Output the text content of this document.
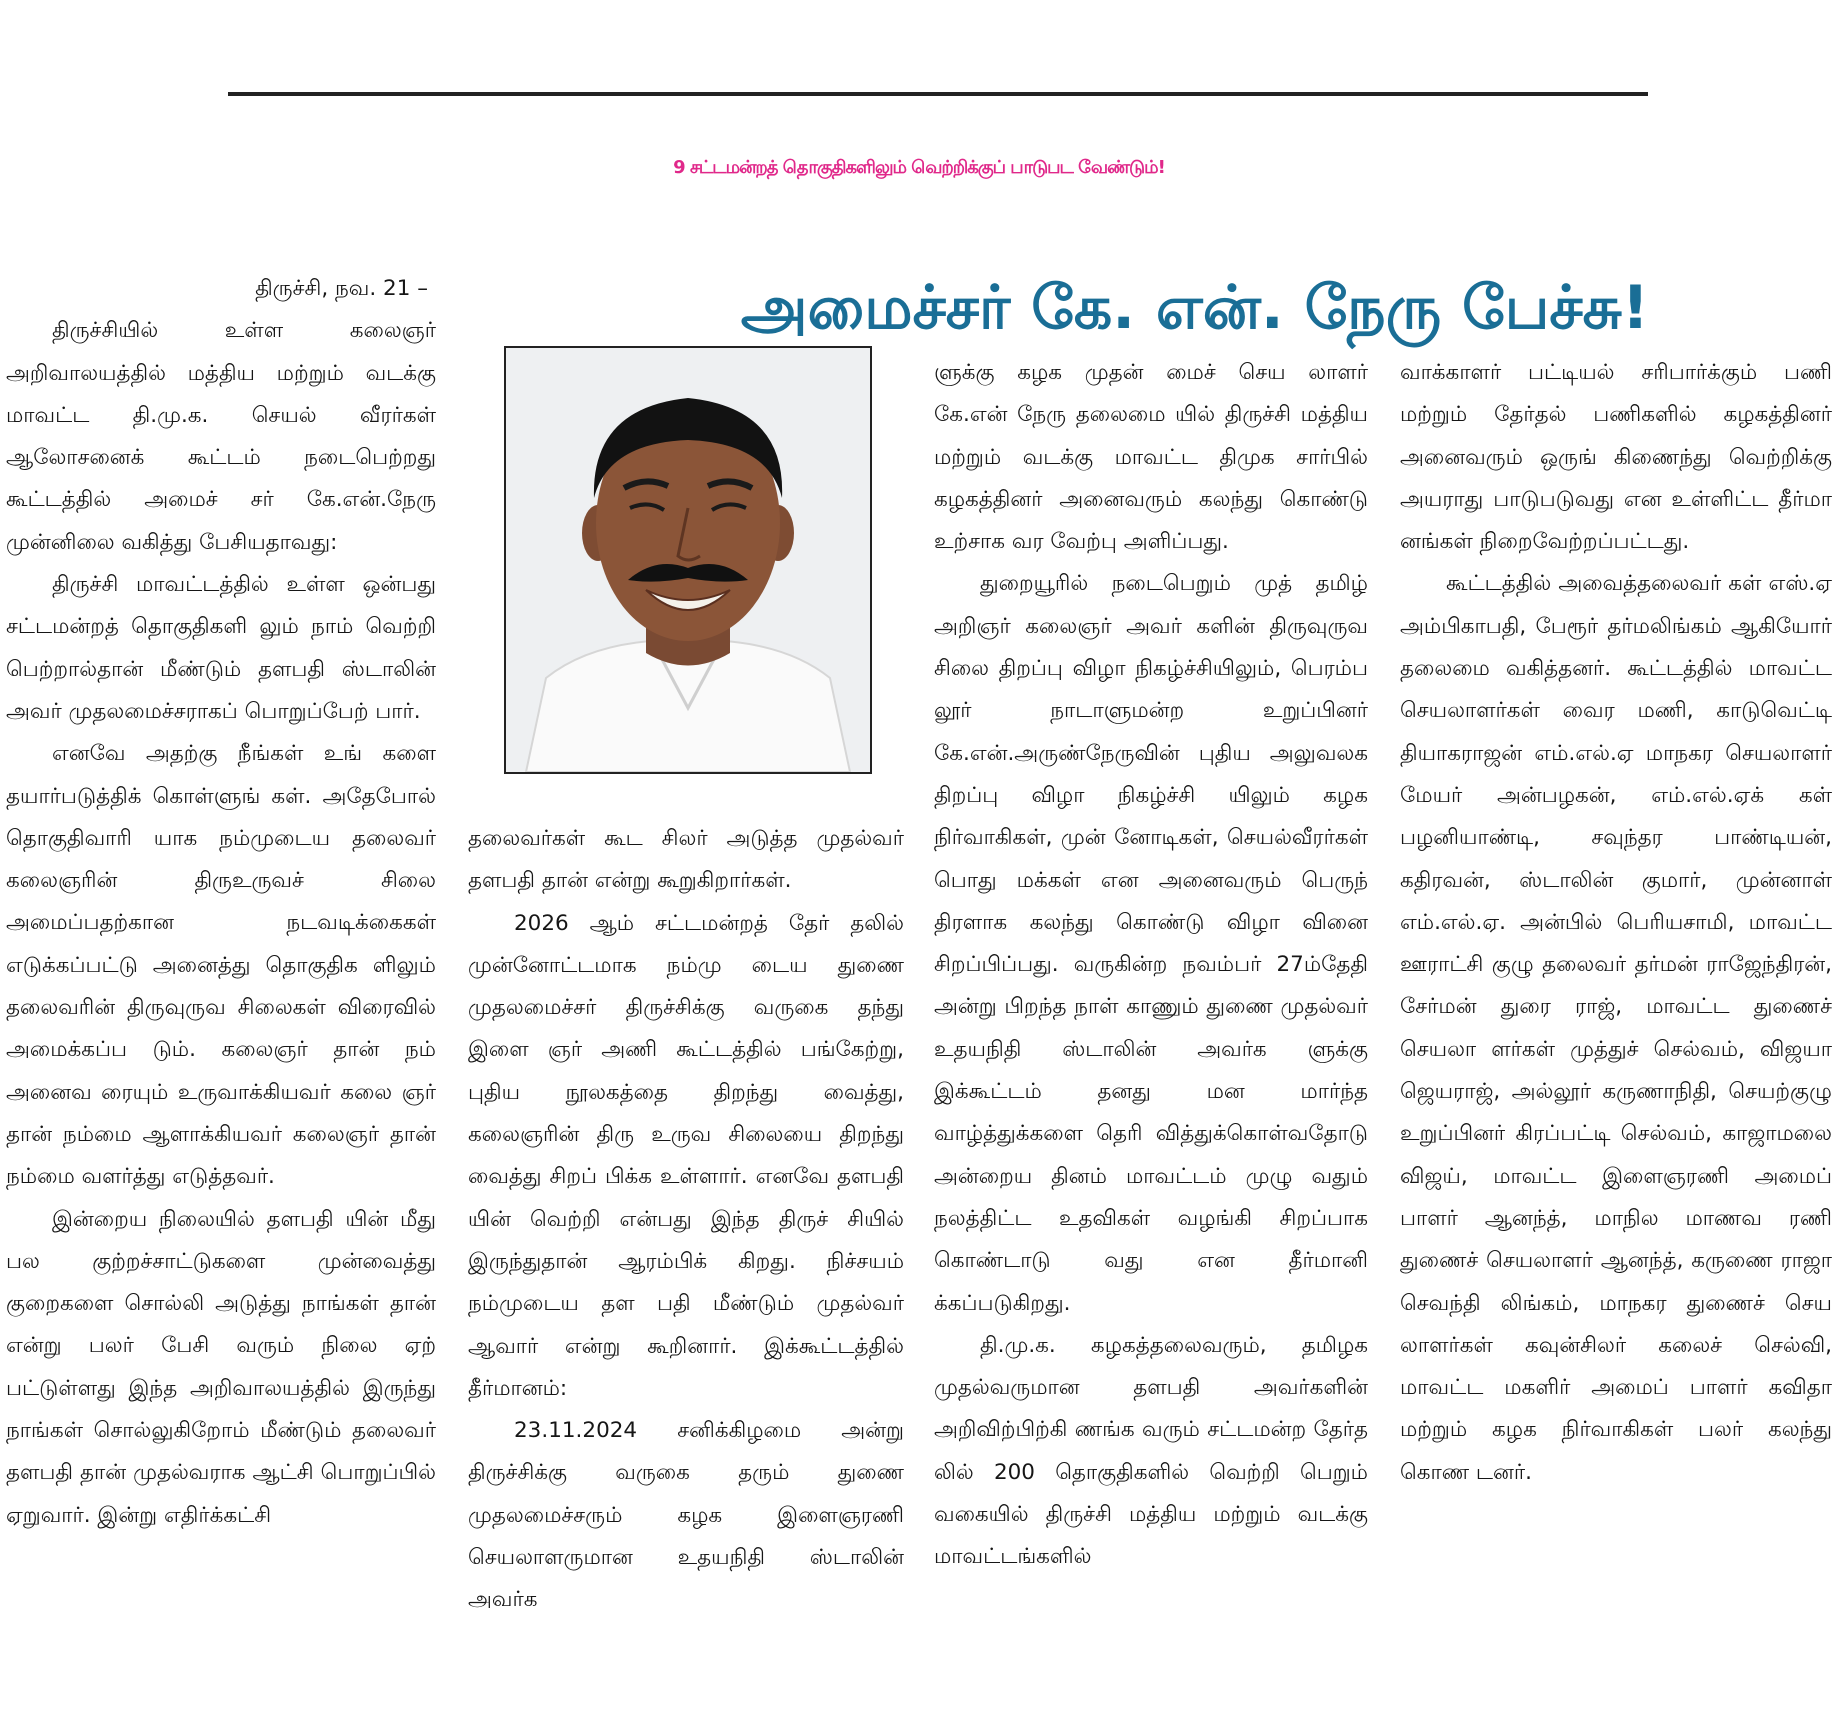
9 சட்டமன்றத் தொகுதிகளிலும் வெற்றிக்குப் பாடுபட வேண்டும்!
அமைச்சர் கே. என். நேரு பேச்சு!

திருச்சி, நவ. 21 –

திருச்சியில் உள்ள கலைஞர் அறிவாலயத்தில் மத்திய மற்றும் வடக்கு மாவட்ட தி.மு.க. செயல் வீரர்கள் ஆலோசனைக் கூட்டம் நடைபெற்றது கூட்டத்தில் அமைச் சர் கே.என்.நேரு முன்னிலை வகித்து பேசியதாவது:

திருச்சி மாவட்டத்தில் உள்ள ஒன்பது சட்டமன்றத் தொகுதிகளி லும் நாம் வெற்றி பெற்றால்தான் மீண்டும் தளபதி ஸ்டாலின் அவர் முதலமைச்சராகப் பொறுப்பேற் பார்.

எனவே அதற்கு நீங்கள் உங் களை தயார்படுத்திக் கொள்ளுங் கள். அதேபோல் தொகுதிவாரி யாக நம்முடைய தலைவர் கலைஞரின் திருஉருவச் சிலை அமைப்பதற்கான நடவடிக்கைகள் எடுக்கப்பட்டு அனைத்து தொகுதிக ளிலும் தலைவரின் திருவுருவ சிலைகள் விரைவில் அமைக்கப்ப டும். கலைஞர் தான் நம் அனைவ ரையும் உருவாக்கியவர் கலை ஞர் தான் நம்மை ஆளாக்கியவர் கலைஞர் தான் நம்மை வளர்த்து எடுத்தவர்.

இன்றைய நிலையில் தளபதி யின் மீது பல குற்றச்சாட்டுகளை முன்வைத்து குறைகளை சொல்லி அடுத்து நாங்கள் தான் என்று பலர் பேசி வரும் நிலை ஏற் பட்டுள்ளது இந்த அறிவாலயத்தில் இருந்து நாங்கள் சொல்லுகிறோம் மீண்டும் தலைவர் தளபதி தான் முதல்வராக ஆட்சி பொறுப்பில் ஏறுவார். இன்று எதிர்க்கட்சி

தலைவர்கள் கூட சிலர் அடுத்த முதல்வர் தளபதி தான் என்று கூறுகிறார்கள்.

2026 ஆம் சட்டமன்றத் தேர் தலில் முன்னோட்டமாக நம்மு டைய துணை முதலமைச்சர் திருச்சிக்கு வருகை தந்து இளை ஞர் அணி கூட்டத்தில் பங்கேற்று, புதிய நூலகத்தை திறந்து வைத்து, கலைஞரின் திரு உருவ சிலையை திறந்து வைத்து சிறப் பிக்க உள்ளார். எனவே தளபதி யின் வெற்றி என்பது இந்த திருச் சியில் இருந்துதான் ஆரம்பிக் கிறது. நிச்சயம் நம்முடைய தள பதி மீண்டும் முதல்வர் ஆவார் என்று கூறினார். இக்கூட்டத்தில் தீர்மானம்:

23.11.2024 சனிக்கிழமை அன்று திருச்சிக்கு வருகை தரும் துணை முதலமைச்சரும் கழக இளைஞரணி செயலாளருமான உதயநிதி ஸ்டாலின் அவர்க

ளுக்கு கழக முதன் மைச் செய லாளர் கே.என் நேரு தலைமை யில் திருச்சி மத்திய மற்றும் வடக்கு மாவட்ட திமுக சார்பில் கழகத்தினர் அனைவரும் கலந்து கொண்டு உற்சாக வர வேற்பு அளிப்பது.

துறையூரில் நடைபெறும் முத் தமிழ் அறிஞர் கலைஞர் அவர் களின் திருவுருவ சிலை திறப்பு விழா நிகழ்ச்சியிலும், பெரம்ப லூர் நாடாளுமன்ற உறுப்பினர் கே.என்.அருண்நேருவின் புதிய அலுவலக திறப்பு விழா நிகழ்ச்சி யிலும் கழக நிர்வாகிகள், முன் னோடிகள், செயல்வீரர்கள் பொது மக்கள் என அனைவரும் பெருந் திரளாக கலந்து கொண்டு விழா வினை சிறப்பிப்பது. வருகின்ற நவம்பர் 27ம்தேதி அன்று பிறந்த நாள் காணும் துணை முதல்வர் உதயநிதி ஸ்டாலின் அவர்க ளுக்கு இக்கூட்டம் தனது மன மார்ந்த வாழ்த்துக்களை தெரி வித்துக்கொள்வதோடு அன்றைய தினம் மாவட்டம் முழு வதும் நலத்திட்ட உதவிகள் வழங்கி சிறப்பாக கொண்டாடு வது என தீர்மானி க்கப்படுகிறது.

தி.மு.க. கழகத்தலைவரும், தமிழக முதல்வருமான தளபதி அவர்களின் அறிவிற்பிற்கி ணங்க வரும் சட்டமன்ற தேர்த லில் 200 தொகுதிகளில் வெற்றி பெறும் வகையில் திருச்சி மத்திய மற்றும் வடக்கு மாவட்டங்களில்

வாக்காளர் பட்டியல் சரிபார்க்கும் பணி மற்றும் தேர்தல் பணிகளில் கழகத்தினர் அனைவரும் ஒருங் கிணைந்து வெற்றிக்கு அயராது பாடுபடுவது என உள்ளிட்ட தீர்மா னங்கள் நிறைவேற்றப்பட்டது.

கூட்டத்தில் அவைத்தலைவர் கள் எஸ்.ஏ அம்பிகாபதி, பேரூர் தர்மலிங்கம் ஆகியோர் தலைமை வகித்தனர். கூட்டத்தில் மாவட்ட செயலாளர்கள் வைர மணி, காடுவெட்டி தியாகராஜன் எம்.எல்.ஏ மாநகர செயலாளர் மேயர் அன்பழகன், எம்.எல்.ஏக் கள் பழனியாண்டி, சவுந்தர பாண்டியன், கதிரவன், ஸ்டாலின் குமார், முன்னாள் எம்.எல்.ஏ. அன்பில் பெரியசாமி, மாவட்ட ஊராட்சி குழு தலைவர் தர்மன் ராஜேந்திரன், சேர்மன் துரை ராஜ், மாவட்ட துணைச் செயலா ளர்கள் முத்துச் செல்வம், விஜயா ஜெயராஜ், அல்லூர் கருணாநிதி, செயற்குழு உறுப்பினர் கிரப்பட்டி செல்வம், காஜாமலை விஜய், மாவட்ட இளைஞரணி அமைப் பாளர் ஆனந்த், மாநில மாணவ ரணி துணைச் செயலாளர் ஆனந்த், கருணை ராஜா செவந்தி லிங்கம், மாநகர துணைச் செய லாளர்கள் கவுன்சிலர் கலைச் செல்வி, மாவட்ட மகளிர் அமைப் பாளர் கவிதா மற்றும் கழக நிர்வாகிகள் பலர் கலந்து கொண டனர்.
